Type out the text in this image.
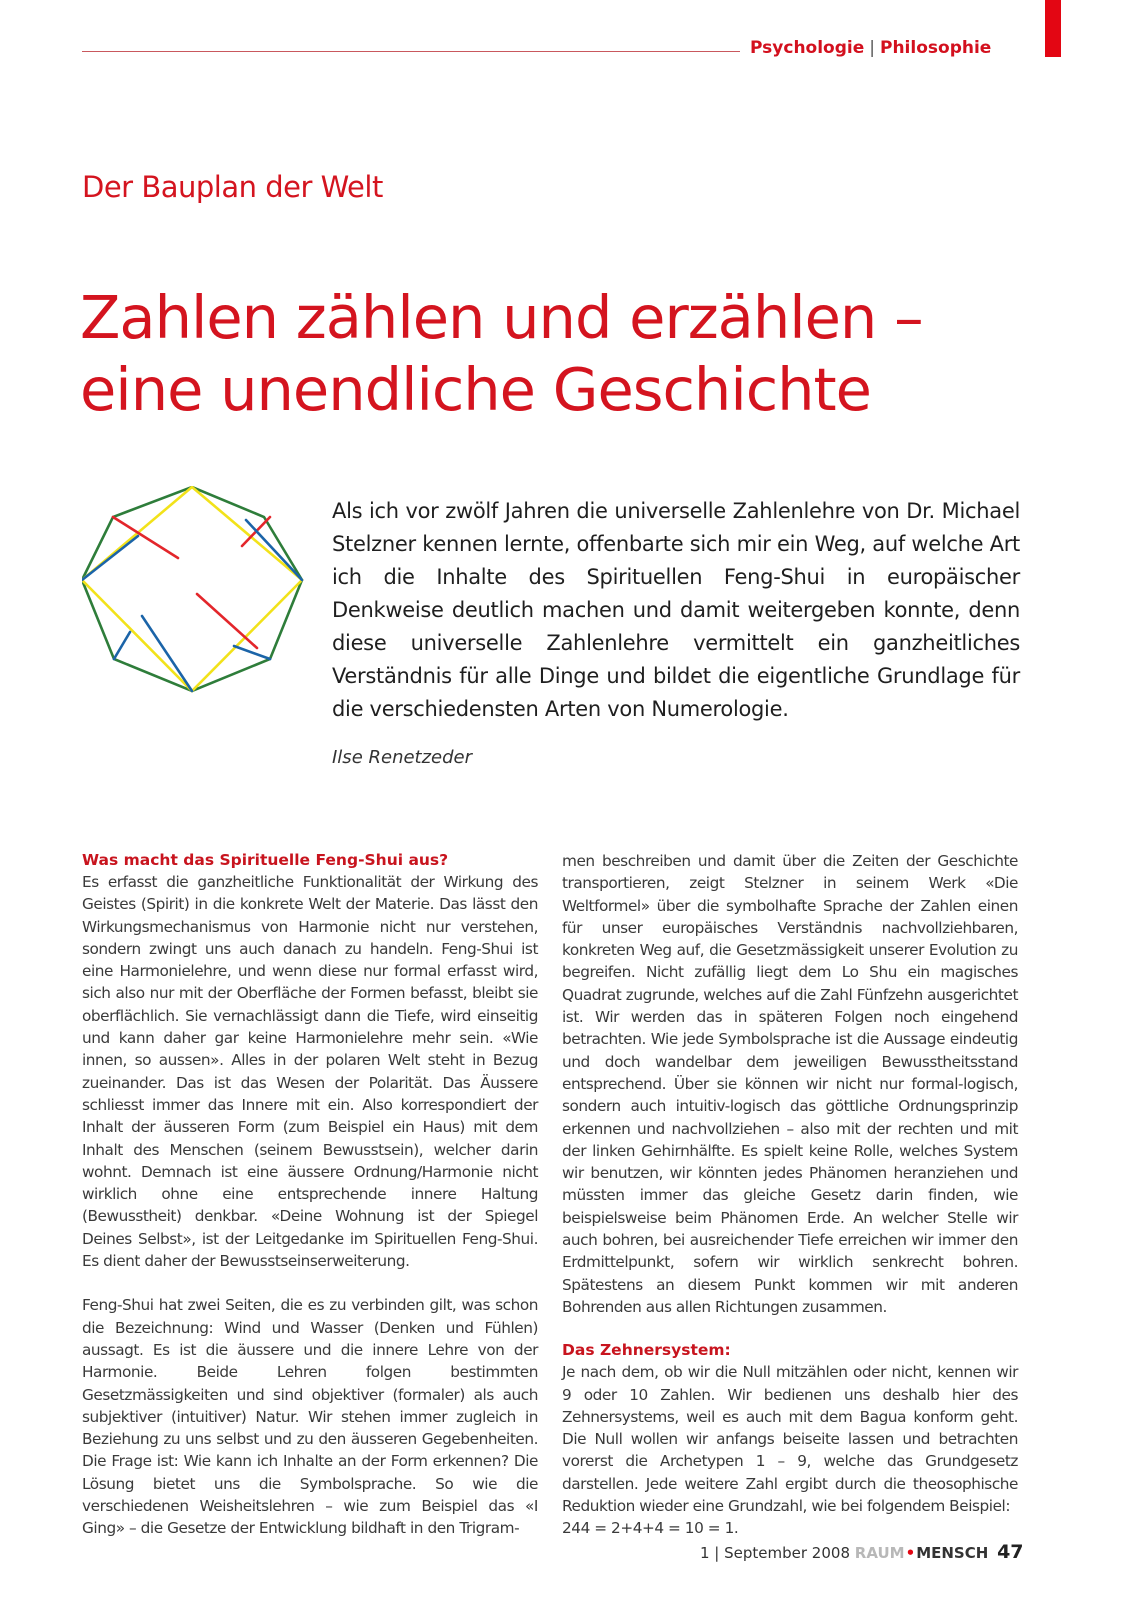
Psychologie | Philosophie
Der Bauplan der Welt
Zahlen zählen und erzählen –
eine unendliche Geschichte

Als ich vor zwölf Jahren die universelle Zahlenlehre von Dr. Michael Stelzner kennen lernte, offenbarte sich mir ein Weg, auf welche Art ich die Inhalte des Spirituellen Feng-Shui in europäischer Denkweise deutlich machen und damit weitergeben konnte, denn diese universelle Zahlenlehre vermittelt ein ganzheitliches Verständnis für alle Dinge und bildet die eigentliche Grundlage für die verschiedensten Arten von Numerologie.

Ilse Renetzeder
Was macht das Spirituelle Feng-Shui aus?

Es erfasst die ganzheitliche Funktionalität der Wirkung des Geistes (Spirit) in die konkrete Welt der Materie. Das lässt den Wirkungsmechanismus von Harmonie nicht nur verstehen, sondern zwingt uns auch danach zu handeln. Feng-Shui ist eine Harmonielehre, und wenn diese nur formal erfasst wird, sich also nur mit der Oberfläche der Formen befasst, bleibt sie oberflächlich. Sie vernachlässigt dann die Tiefe, wird einseitig und kann daher gar keine Harmonielehre mehr sein. «Wie innen, so aussen». Alles in der polaren Welt steht in Bezug zueinander. Das ist das Wesen der Polarität. Das Äussere schliesst immer das Innere mit ein. Also korrespondiert der Inhalt der äusseren Form (zum Beispiel ein Haus) mit dem Inhalt des Menschen (seinem Bewusstsein), welcher darin wohnt. Demnach ist eine äussere Ordnung/Harmonie nicht wirklich ohne eine entsprechende innere Haltung (Bewusstheit) denkbar. «Deine Wohnung ist der Spiegel Deines Selbst», ist der Leitgedanke im Spirituellen Feng-Shui. Es dient daher der Bewusstseinserweiterung.

Feng-Shui hat zwei Seiten, die es zu verbinden gilt, was schon die Bezeichnung: Wind und Wasser (Denken und Fühlen) aussagt. Es ist die äussere und die innere Lehre von der Harmonie. Beide Lehren folgen bestimmten Gesetzmässigkeiten und sind objektiver (formaler) als auch subjektiver (intuitiver) Natur. Wir stehen immer zugleich in Beziehung zu uns selbst und zu den äusseren Gegebenheiten. Die Frage ist: Wie kann ich Inhalte an der Form erkennen? Die Lösung bietet uns die Symbolsprache. So wie die verschiedenen Weisheitslehren – wie zum Beispiel das «I Ging» – die Gesetze der Entwicklung bildhaft in den Trigram-

men beschreiben und damit über die Zeiten der Geschichte transportieren, zeigt Stelzner in seinem Werk «Die Weltformel» über die symbolhafte Sprache der Zahlen einen für unser europäisches Verständnis nachvollziehbaren, konkreten Weg auf, die Gesetzmässigkeit unserer Evolution zu begreifen. Nicht zufällig liegt dem Lo Shu ein magisches Quadrat zugrunde, welches auf die Zahl Fünfzehn ausgerichtet ist. Wir werden das in späteren Folgen noch eingehend betrachten. Wie jede Symbolsprache ist die Aussage eindeutig und doch wandelbar dem jeweiligen Bewusstheitsstand entsprechend. Über sie können wir nicht nur formal-logisch, sondern auch intuitiv-logisch das göttliche Ordnungsprinzip erkennen und nachvollziehen – also mit der rechten und mit der linken Gehirnhälfte. Es spielt keine Rolle, welches System wir benutzen, wir könnten jedes Phänomen heranziehen und müssten immer das gleiche Gesetz darin finden, wie beispielsweise beim Phänomen Erde. An welcher Stelle wir auch bohren, bei ausreichender Tiefe erreichen wir immer den Erdmittelpunkt, sofern wir wirklich senkrecht bohren. Spätestens an diesem Punkt kommen wir mit anderen Bohrenden aus allen Richtungen zusammen.

Das Zehnersystem:

Je nach dem, ob wir die Null mitzählen oder nicht, kennen wir 9 oder 10 Zahlen. Wir bedienen uns deshalb hier des Zehnersystems, weil es auch mit dem Bagua konform geht. Die Null wollen wir anfangs beiseite lassen und betrachten vorerst die Archetypen 1 – 9, welche das Grundgesetz darstellen. Jede weitere Zahl ergibt durch die theosophische Reduktion wieder eine Grundzahl, wie bei folgendem Beispiel:

244 = 2+4+4 = 10 = 1.

1 | September 2008 RAUM•MENSCH 47
